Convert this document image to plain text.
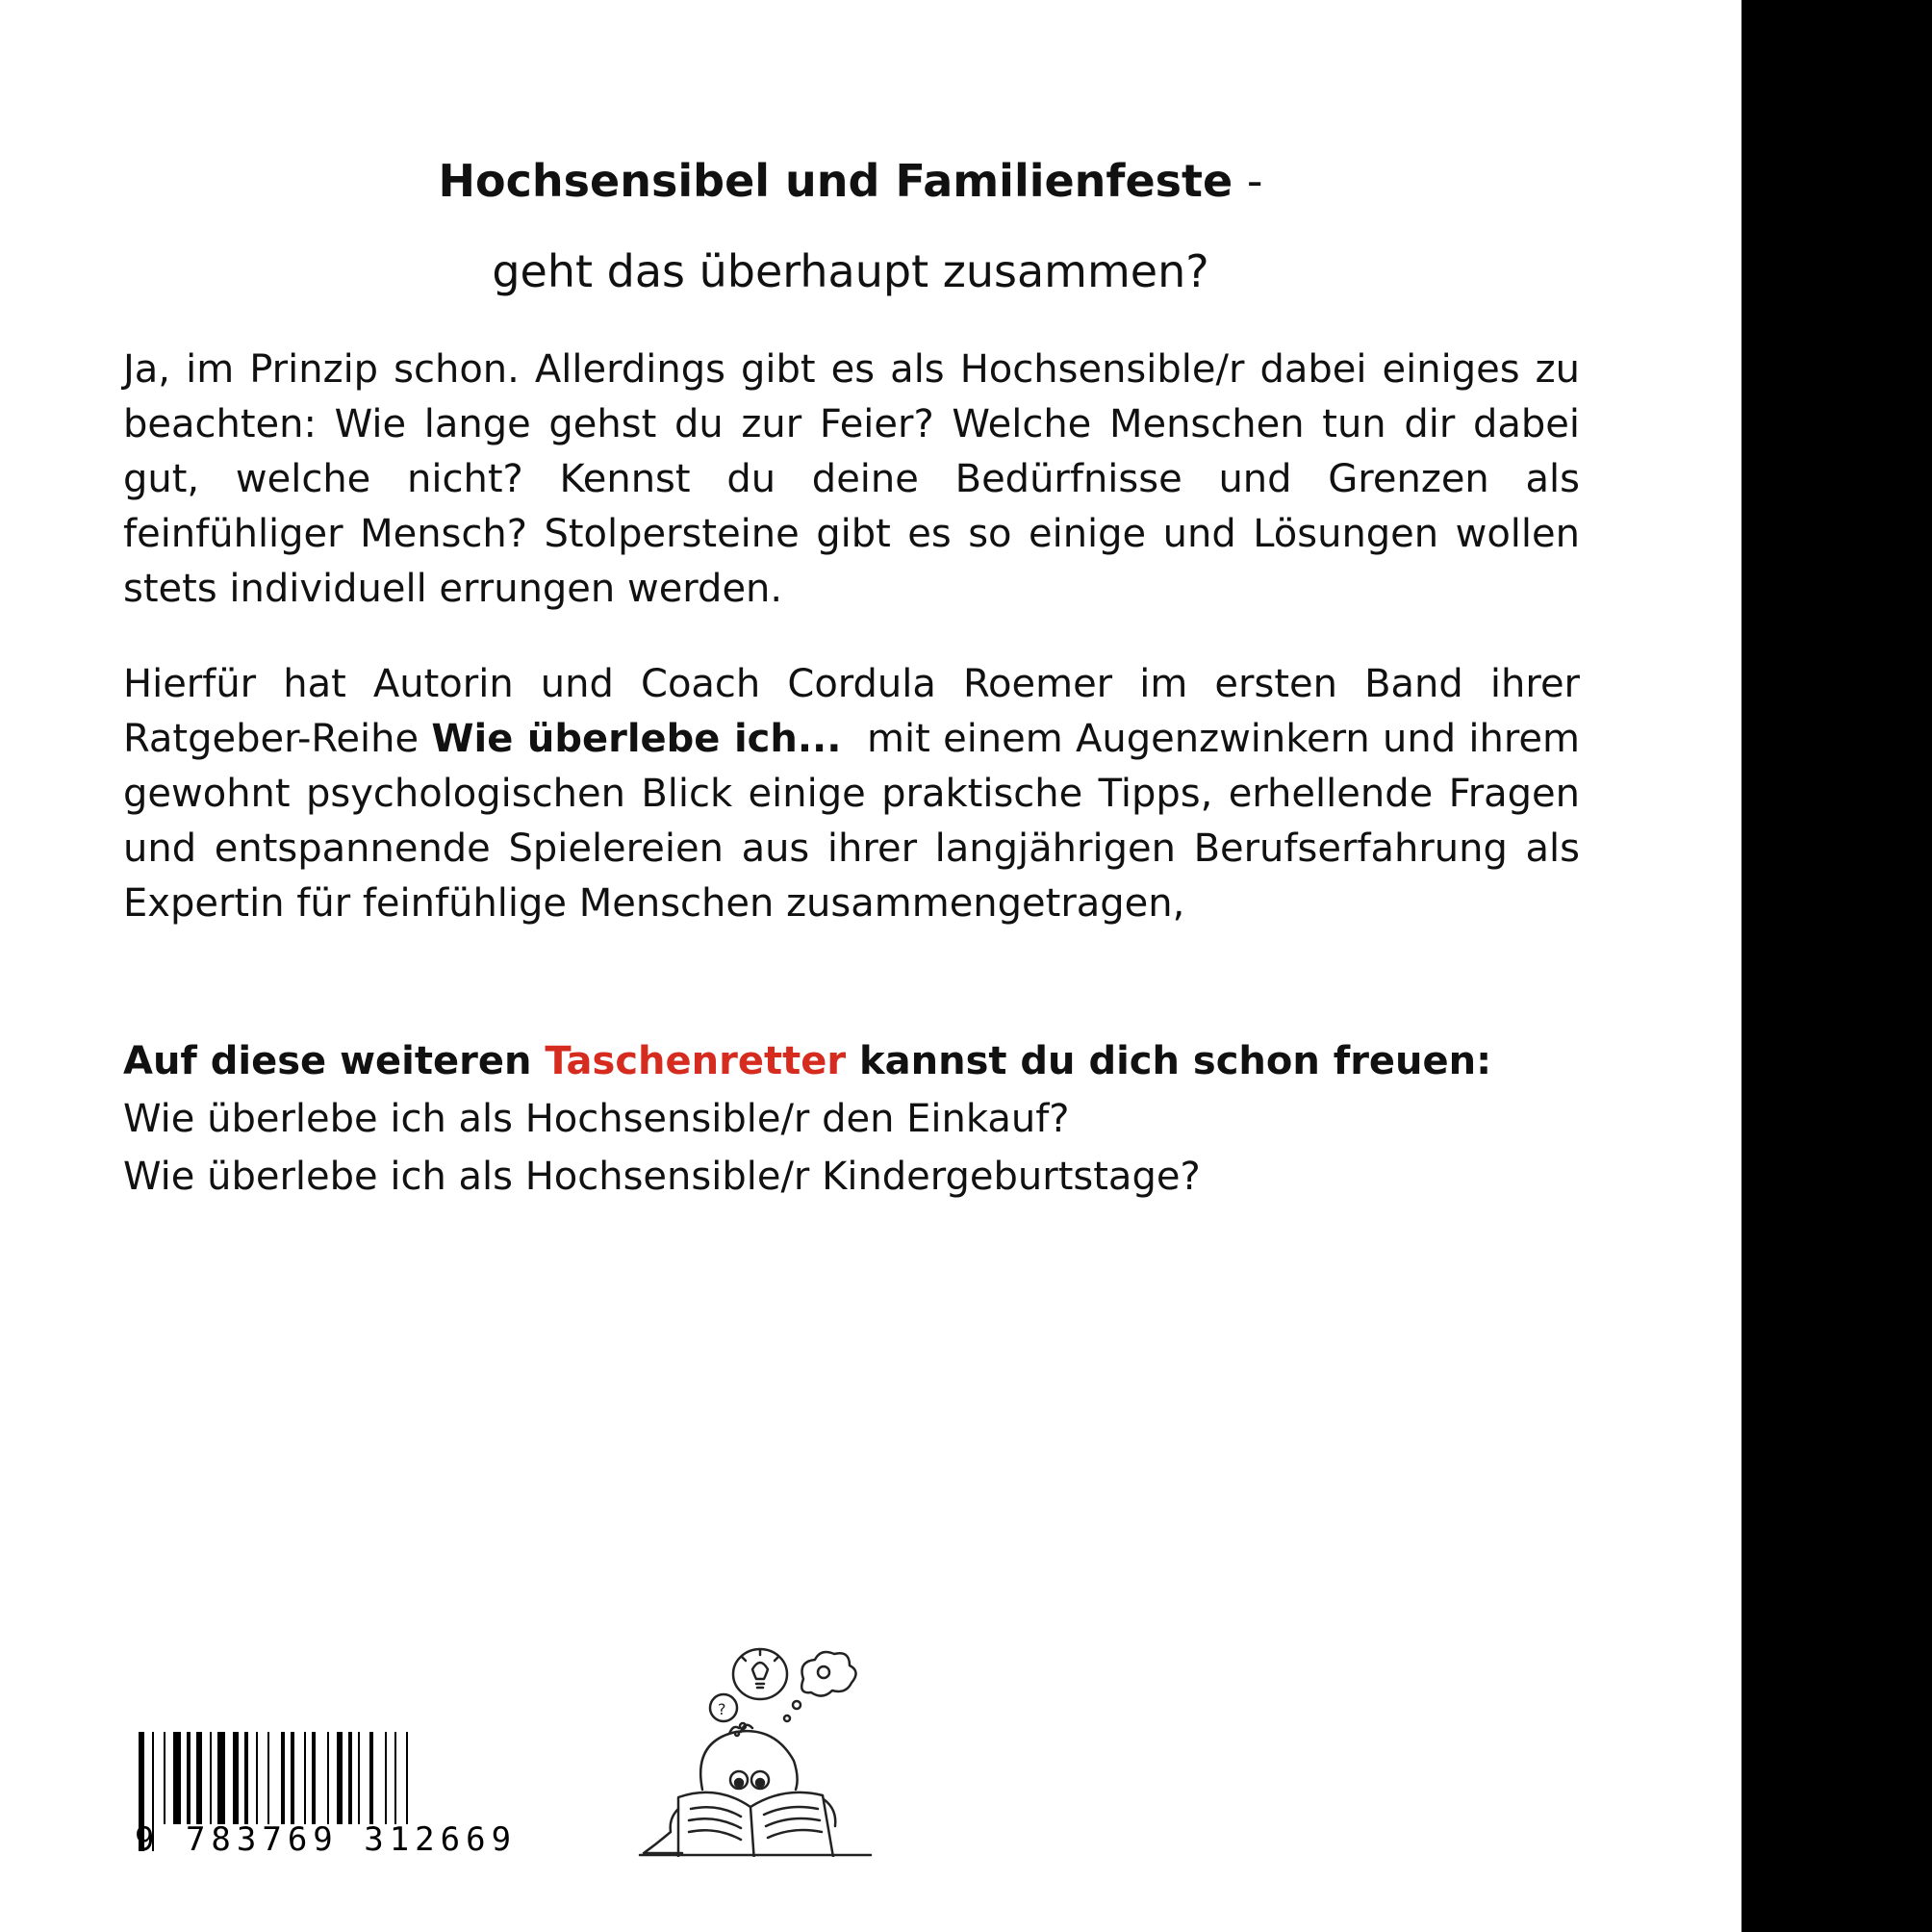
Hochsensibel und Familienfeste -
geht das überhaupt zusammen?
Ja, im Prinzip schon. Allerdings gibt es als Hochsensible/r dabei einiges zu beachten: Wie lange gehst du zur Feier? Welche Menschen tun dir dabei gut, welche nicht? Kennst du deine Bedürfnisse und Grenzen als feinfühliger Mensch? Stolpersteine gibt es so einige und Lösungen wollen stets individuell errungen werden.
Hierfür hat Autorin und Coach Cordula Roemer im ersten Band ihrer Ratgeber-Reihe Wie überlebe ich...  mit einem Augenzwinkern und ihrem gewohnt psychologischen Blick einige praktische Tipps, erhellende Fragen und entspannende Spielereien aus ihrer langjährigen Berufserfahrung als Expertin für feinfühlige Menschen zusammengetragen,
Auf diese weiteren Taschenretter kannst du dich schon freuen:
Wie überlebe ich als Hochsensible/r den Einkauf?
Wie überlebe ich als Hochsensible/r Kindergeburtstage?
9 783769 312669
?
